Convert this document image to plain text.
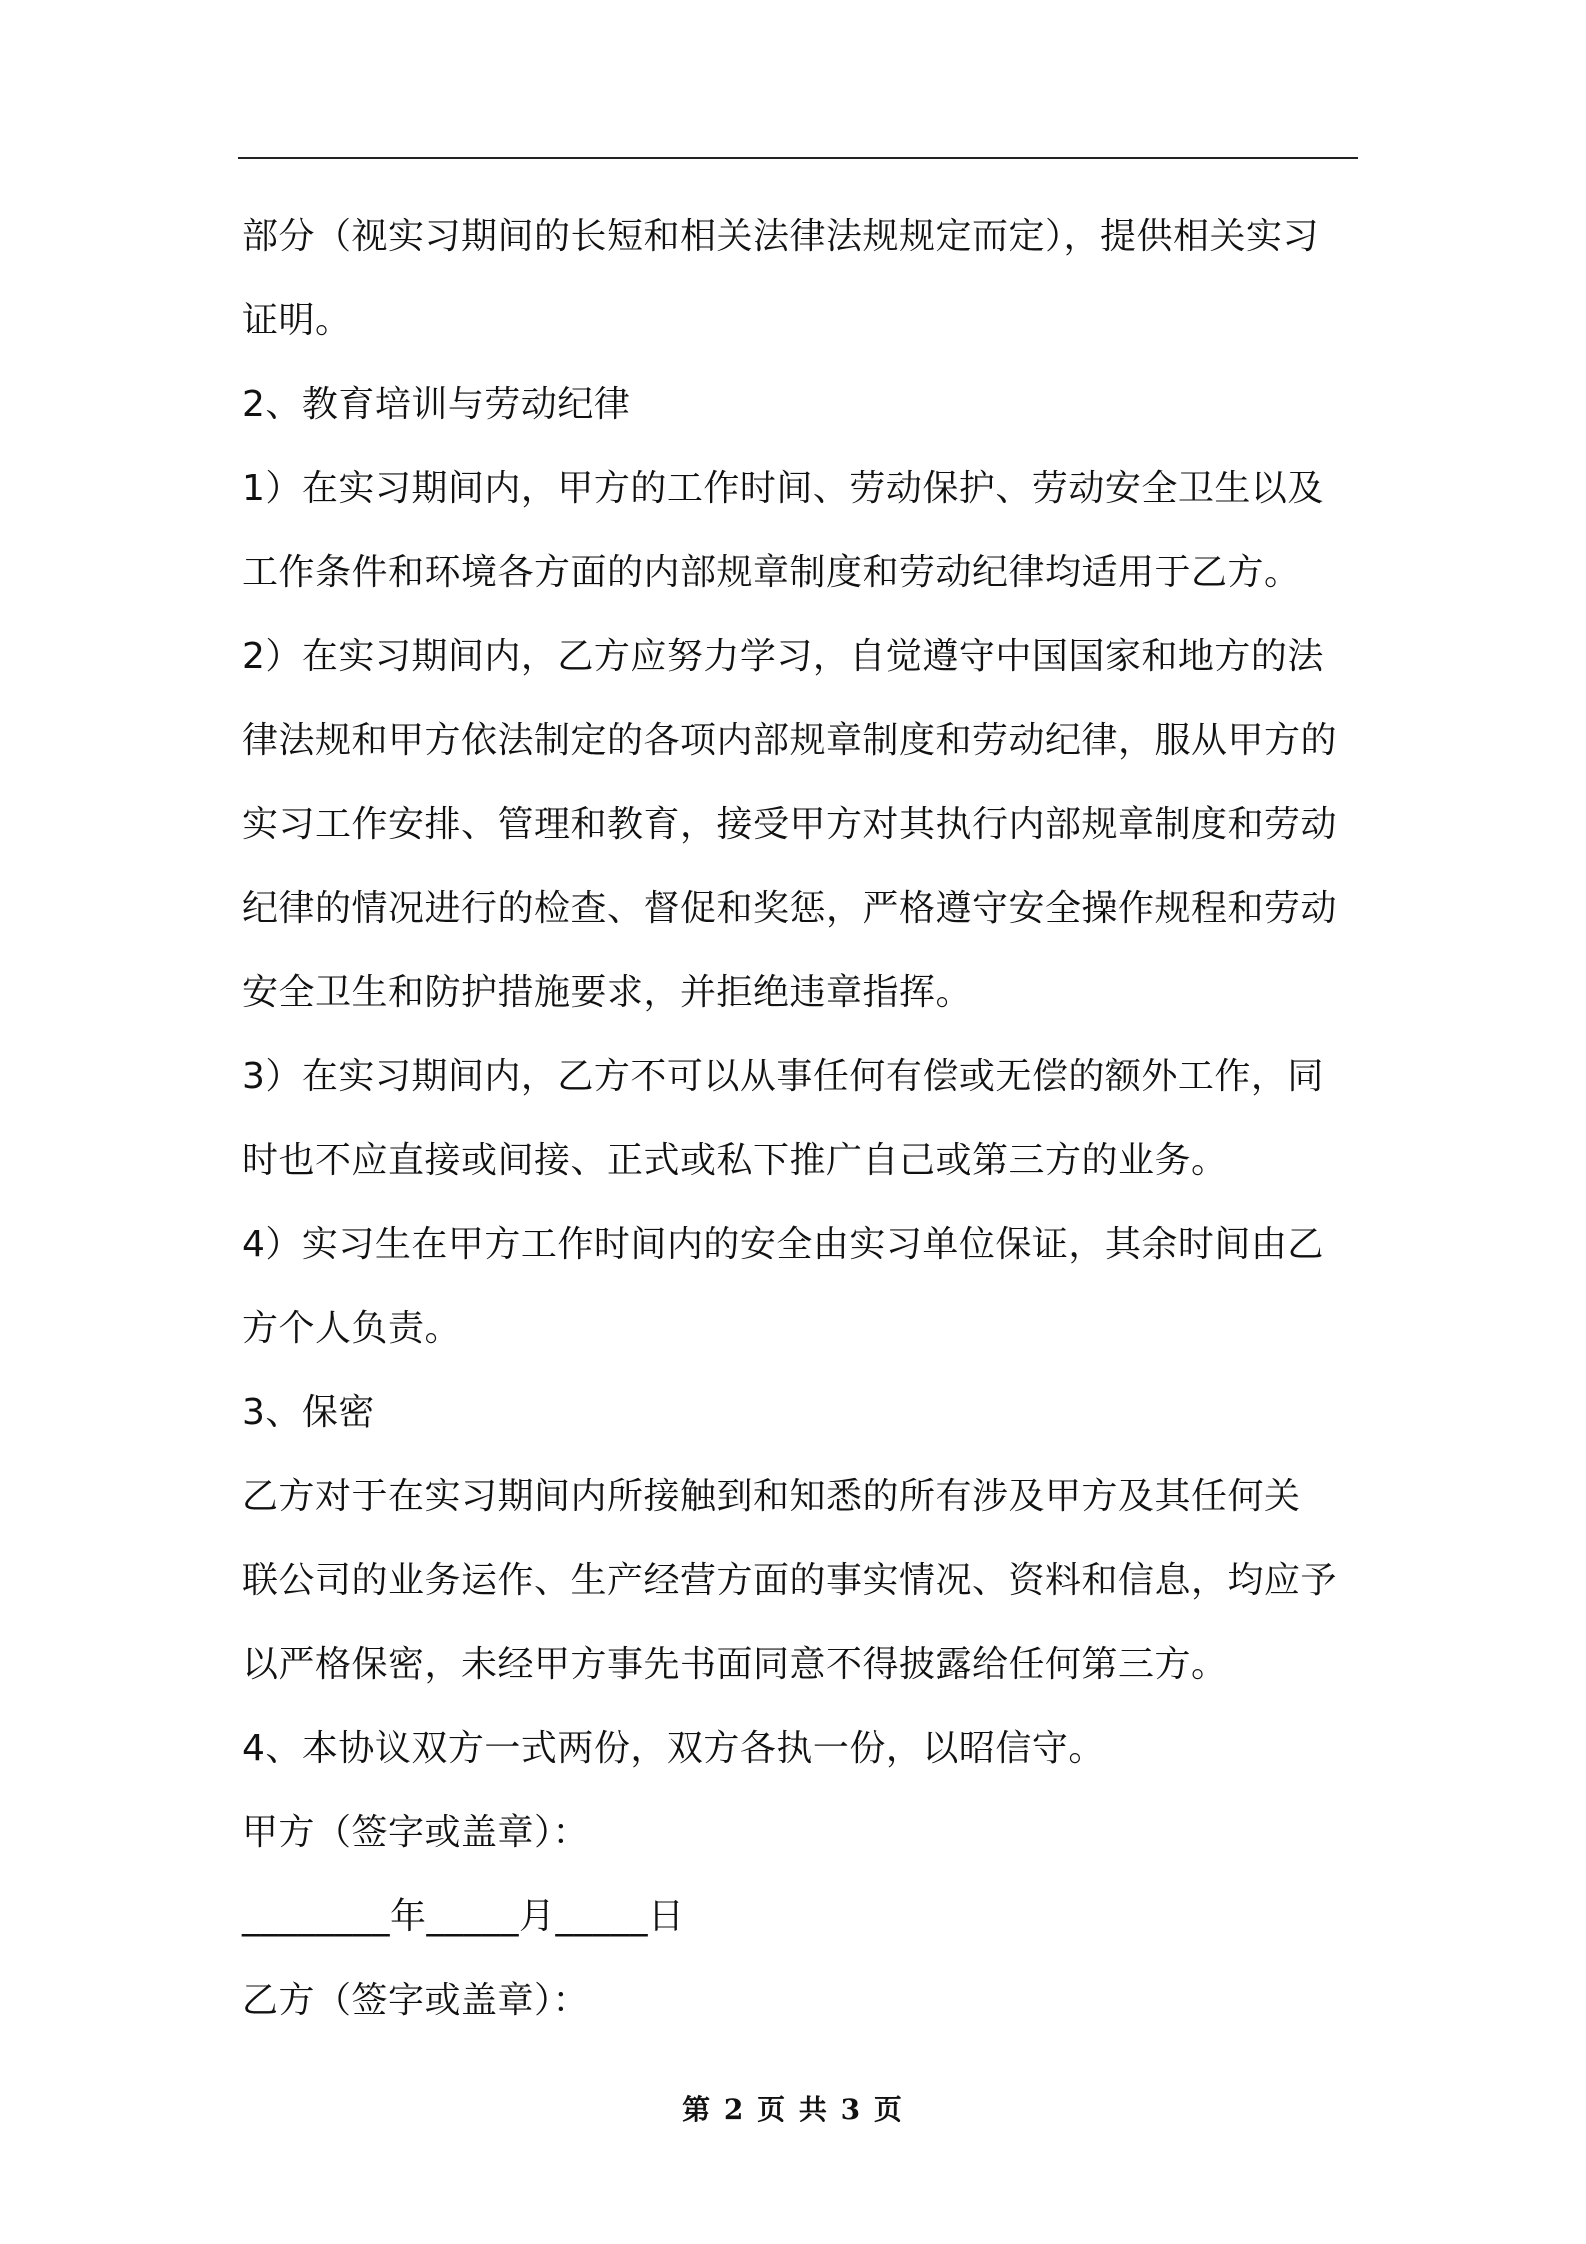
部分（视实习期间的长短和相关法律法规规定而定），提供相关实习
证明。
2、教育培训与劳动纪律
1）在实习期间内，甲方的工作时间、劳动保护、劳动安全卫生以及
工作条件和环境各方面的内部规章制度和劳动纪律均适用于乙方。
2）在实习期间内，乙方应努力学习，自觉遵守中国国家和地方的法
律法规和甲方依法制定的各项内部规章制度和劳动纪律，服从甲方的
实习工作安排、管理和教育，接受甲方对其执行内部规章制度和劳动
纪律的情况进行的检查、督促和奖惩，严格遵守安全操作规程和劳动
安全卫生和防护措施要求，并拒绝违章指挥。
3）在实习期间内，乙方不可以从事任何有偿或无偿的额外工作，同
时也不应直接或间接、正式或私下推广自己或第三方的业务。
4）实习生在甲方工作时间内的安全由实习单位保证，其余时间由乙
方个人负责。
3、保密
乙方对于在实习期间内所接触到和知悉的所有涉及甲方及其任何关
联公司的业务运作、生产经营方面的事实情况、资料和信息，均应予
以严格保密，未经甲方事先书面同意不得披露给任何第三方。
4、本协议双方一式两份，双方各执一份，以昭信守。
甲方（签字或盖章）：
________年_____月_____日
乙方（签字或盖章）：
第 2 页 共 3 页
